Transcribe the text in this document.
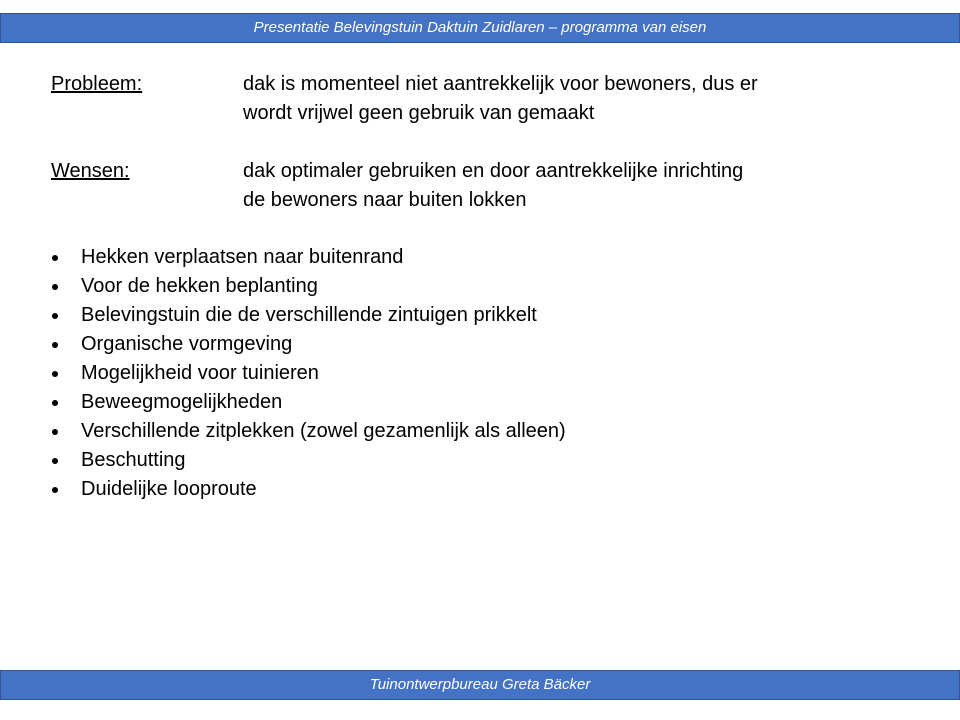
Presentatie Belevingstuin Daktuin Zuidlaren – programma van eisen
Probleem:	dak is momenteel niet aantrekkelijk voor bewoners, dus er
wordt vrijwel geen gebruik van gemaakt
Wensen:	dak optimaler gebruiken en door aantrekkelijke inrichting
de bewoners naar buiten lokken
Hekken verplaatsen naar buitenrand
Voor de hekken beplanting
Belevingstuin die de verschillende zintuigen prikkelt
Organische vormgeving
Mogelijkheid voor tuinieren
Beweegmogelijkheden
Verschillende zitplekken (zowel gezamenlijk als alleen)
Beschutting
Duidelijke looproute
Tuinontwerpbureau Greta Bäcker
